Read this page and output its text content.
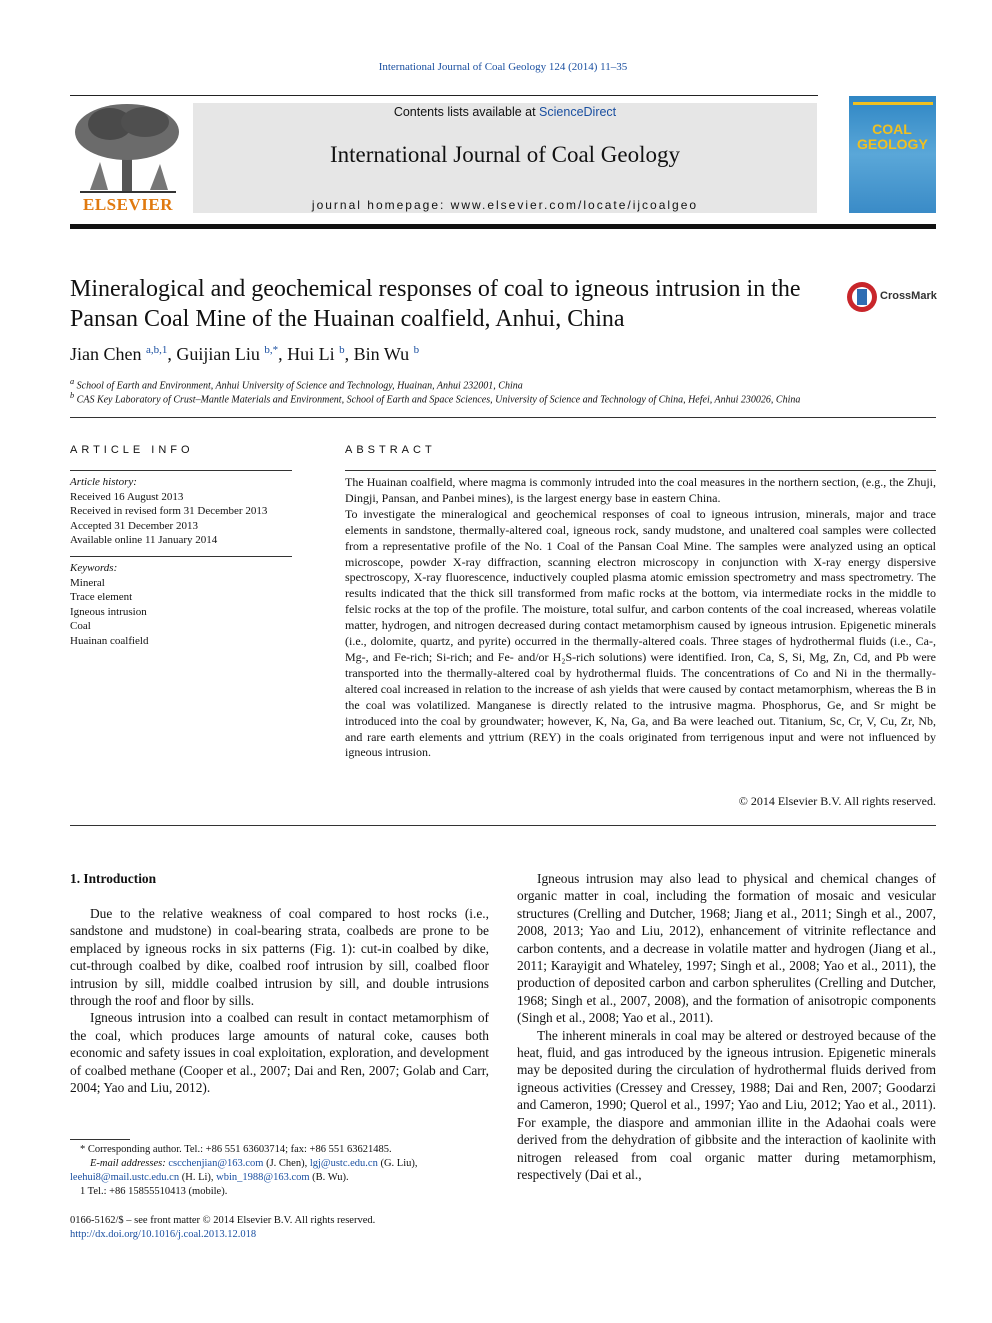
International Journal of Coal Geology 124 (2014) 11–35
ELSEVIER
Contents lists available at ScienceDirect
International Journal of Coal Geology
journal homepage: www.elsevier.com/locate/ijcoalgeo
COAL GEOLOGY
Mineralogical and geochemical responses of coal to igneous intrusion in the Pansan Coal Mine of the Huainan coalfield, Anhui, China
CrossMark
Jian Chen $^{a,b,1}$, Guijian Liu $^{b,*}$, Hui Li $^b$, Bin Wu $^b$
$^a$ School of Earth and Environment, Anhui University of Science and Technology, Huainan, Anhui 232001, China
$^b$ CAS Key Laboratory of Crust–Mantle Materials and Environment, School of Earth and Space Sciences, University of Science and Technology of China, Hefei, Anhui 230026, China
ARTICLE INFO
Article history:
Received 16 August 2013
Received in revised form 31 December 2013
Accepted 31 December 2013
Available online 11 January 2014
Keywords:
Mineral
Trace element
Igneous intrusion
Coal
Huainan coalfield
ABSTRACT

The Huainan coalfield, where magma is commonly intruded into the coal measures in the northern section, (e.g., the Zhuji, Dingji, Pansan, and Panbei mines), is the largest energy base in eastern China.

To investigate the mineralogical and geochemical responses of coal to igneous intrusion, minerals, major and trace elements in sandstone, thermally-altered coal, igneous rock, sandy mudstone, and unaltered coal samples were collected from a representative profile of the No. 1 Coal of the Pansan Coal Mine. The samples were analyzed using an optical microscope, powder X-ray diffraction, scanning electron microscopy in conjunction with X-ray energy dispersive spectroscopy, X-ray fluorescence, inductively coupled plasma atomic emission spectrometry and mass spectrometry. The results indicated that the thick sill transformed from mafic rocks at the bottom, via intermediate rocks in the middle to felsic rocks at the top of the profile. The moisture, total sulfur, and carbon contents of the coal increased, whereas volatile matter, hydrogen, and nitrogen decreased during contact metamorphism caused by igneous intrusion. Epigenetic minerals (i.e., dolomite, quartz, and pyrite) occurred in the thermally-altered coals. Three stages of hydrothermal fluids (i.e., Ca-, Mg-, and Fe-rich; Si-rich; and Fe- and/or H₂S-rich solutions) were identified. Iron, Ca, S, Si, Mg, Zn, Cd, and Pb were transported into the thermally-altered coal by hydrothermal fluids. The concentrations of Co and Ni in the thermally-altered coal increased in relation to the increase of ash yields that were caused by contact metamorphism, whereas the B in the coal was volatilized. Manganese is directly related to the intrusive magma. Phosphorus, Ge, and Sr might be introduced into the coal by groundwater; however, K, Na, Ga, and Ba were leached out. Titanium, Sc, Cr, V, Cu, Zr, Nb, and rare earth elements and yttrium (REY) in the coals originated from terrigenous input and were not influenced by igneous intrusion.

© 2014 Elsevier B.V. All rights reserved.
1. Introduction

Due to the relative weakness of coal compared to host rocks (i.e., sandstone and mudstone) in coal-bearing strata, coalbeds are prone to be emplaced by igneous rocks in six patterns (Fig. 1): cut-in coalbed by dike, cut-through coalbed by dike, coalbed roof intrusion by sill, coalbed floor intrusion by sill, middle coalbed intrusion by sill, and double intrusions through the roof and floor by sills.

Igneous intrusion into a coalbed can result in contact metamorphism of the coal, which produces large amounts of natural coke, causes both economic and safety issues in coal exploitation, exploration, and development of coalbed methane (Cooper et al., 2007; Dai and Ren, 2007; Golab and Carr, 2004; Yao and Liu, 2012).

Igneous intrusion may also lead to physical and chemical changes of organic matter in coal, including the formation of mosaic and vesicular structures (Crelling and Dutcher, 1968; Jiang et al., 2011; Singh et al., 2007, 2008, 2013; Yao and Liu, 2012), enhancement of vitrinite reflectance and carbon contents, and a decrease in volatile matter and hydrogen (Jiang et al., 2011; Karayigit and Whateley, 1997; Singh et al., 2008; Yao et al., 2011), the production of deposited carbon and carbon spherulites (Crelling and Dutcher, 1968; Singh et al., 2007, 2008), and the formation of anisotropic components (Singh et al., 2008; Yao et al., 2011).

The inherent minerals in coal may be altered or destroyed because of the heat, fluid, and gas introduced by the igneous intrusion. Epigenetic minerals may be deposited during the circulation of hydrothermal fluids derived from igneous activities (Cressey and Cressey, 1988; Dai and Ren, 2007; Goodarzi and Cameron, 1990; Querol et al., 1997; Yao and Liu, 2012; Yao et al., 2011). For example, the diaspore and ammonian illite in the Adaohai coals were derived from the dehydration of gibbsite and the interaction of kaolinite with nitrogen released from coal organic matter during metamorphism, respectively (Dai et al.,

* Corresponding author. Tel.: +86 551 63603714; fax: +86 551 63621485.
E-mail addresses: cscchenjian@163.com (J. Chen), lgj@ustc.edu.cn (G. Liu),
leehui8@mail.ustc.edu.cn (H. Li), wbin_1988@163.com (B. Wu).
1 Tel.: +86 15855510413 (mobile).
0166-5162/$ – see front matter © 2014 Elsevier B.V. All rights reserved.
http://dx.doi.org/10.1016/j.coal.2013.12.018
